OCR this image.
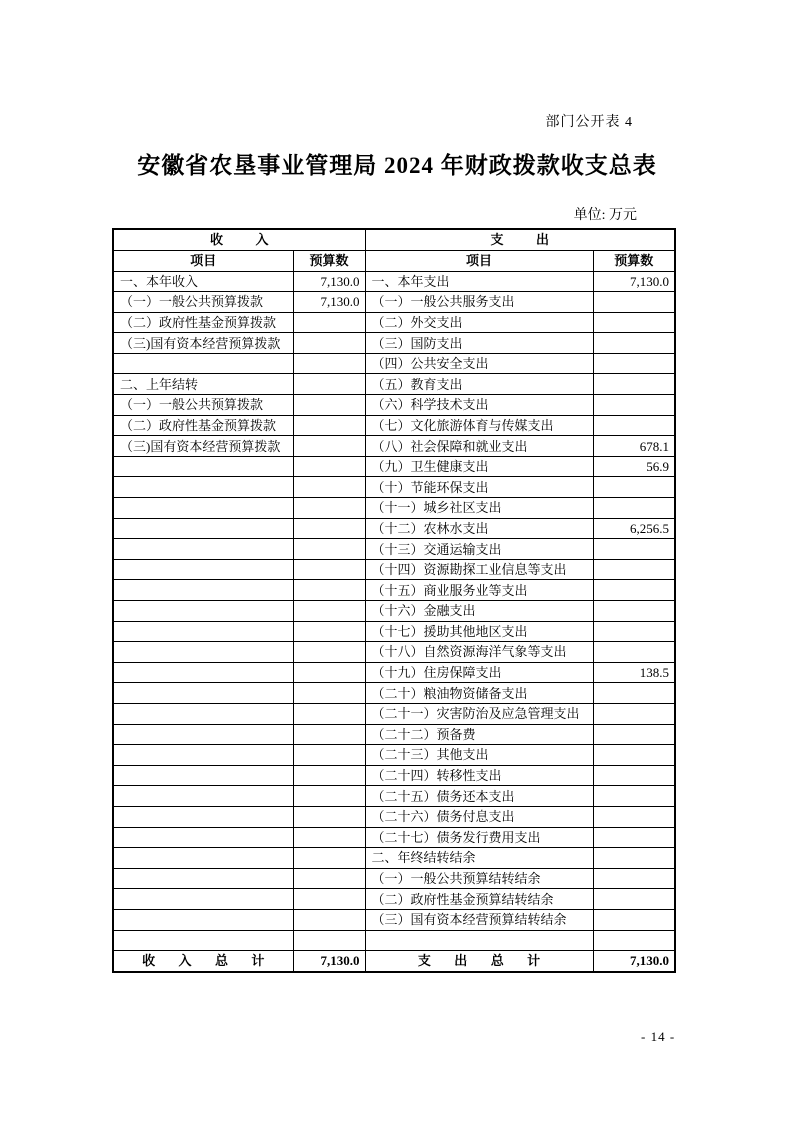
部门公开表 4
安徽省农垦事业管理局 2024 年财政拨款收支总表
单位: 万元
收入		支出	
项目	预算数	项目	预算数
一、本年收入	7,130.0	一、本年支出	7,130.0
（一）一般公共预算拨款	7,130.0	（一）一般公共服务支出	
（二）政府性基金预算拨款		（二）外交支出	
（三)国有资本经营预算拨款		（三）国防支出	
		（四）公共安全支出	
二、上年结转		（五）教育支出	
（一）一般公共预算拨款		（六）科学技术支出	
（二）政府性基金预算拨款		（七）文化旅游体育与传媒支出	
（三)国有资本经营预算拨款		（八）社会保障和就业支出	678.1
		（九）卫生健康支出	56.9
		（十）节能环保支出	
		（十一）城乡社区支出	
		（十二）农林水支出	6,256.5
		（十三）交通运输支出	
		（十四）资源勘探工业信息等支出	
		（十五）商业服务业等支出	
		（十六）金融支出	
		（十七）援助其他地区支出	
		（十八）自然资源海洋气象等支出	
		（十九）住房保障支出	138.5
		（二十）粮油物资储备支出	
		（二十一）灾害防治及应急管理支出	
		（二十二）预备费	
		（二十三）其他支出	
		（二十四）转移性支出	
		（二十五）债务还本支出	
		（二十六）债务付息支出	
		（二十七）债务发行费用支出	
		二、年终结转结余	
		（一）一般公共预算结转结余	
		（二）政府性基金预算结转结余	
		（三）国有资本经营预算结转结余	

收入总计	7,130.0	支出总计	7,130.0
- 14 -
